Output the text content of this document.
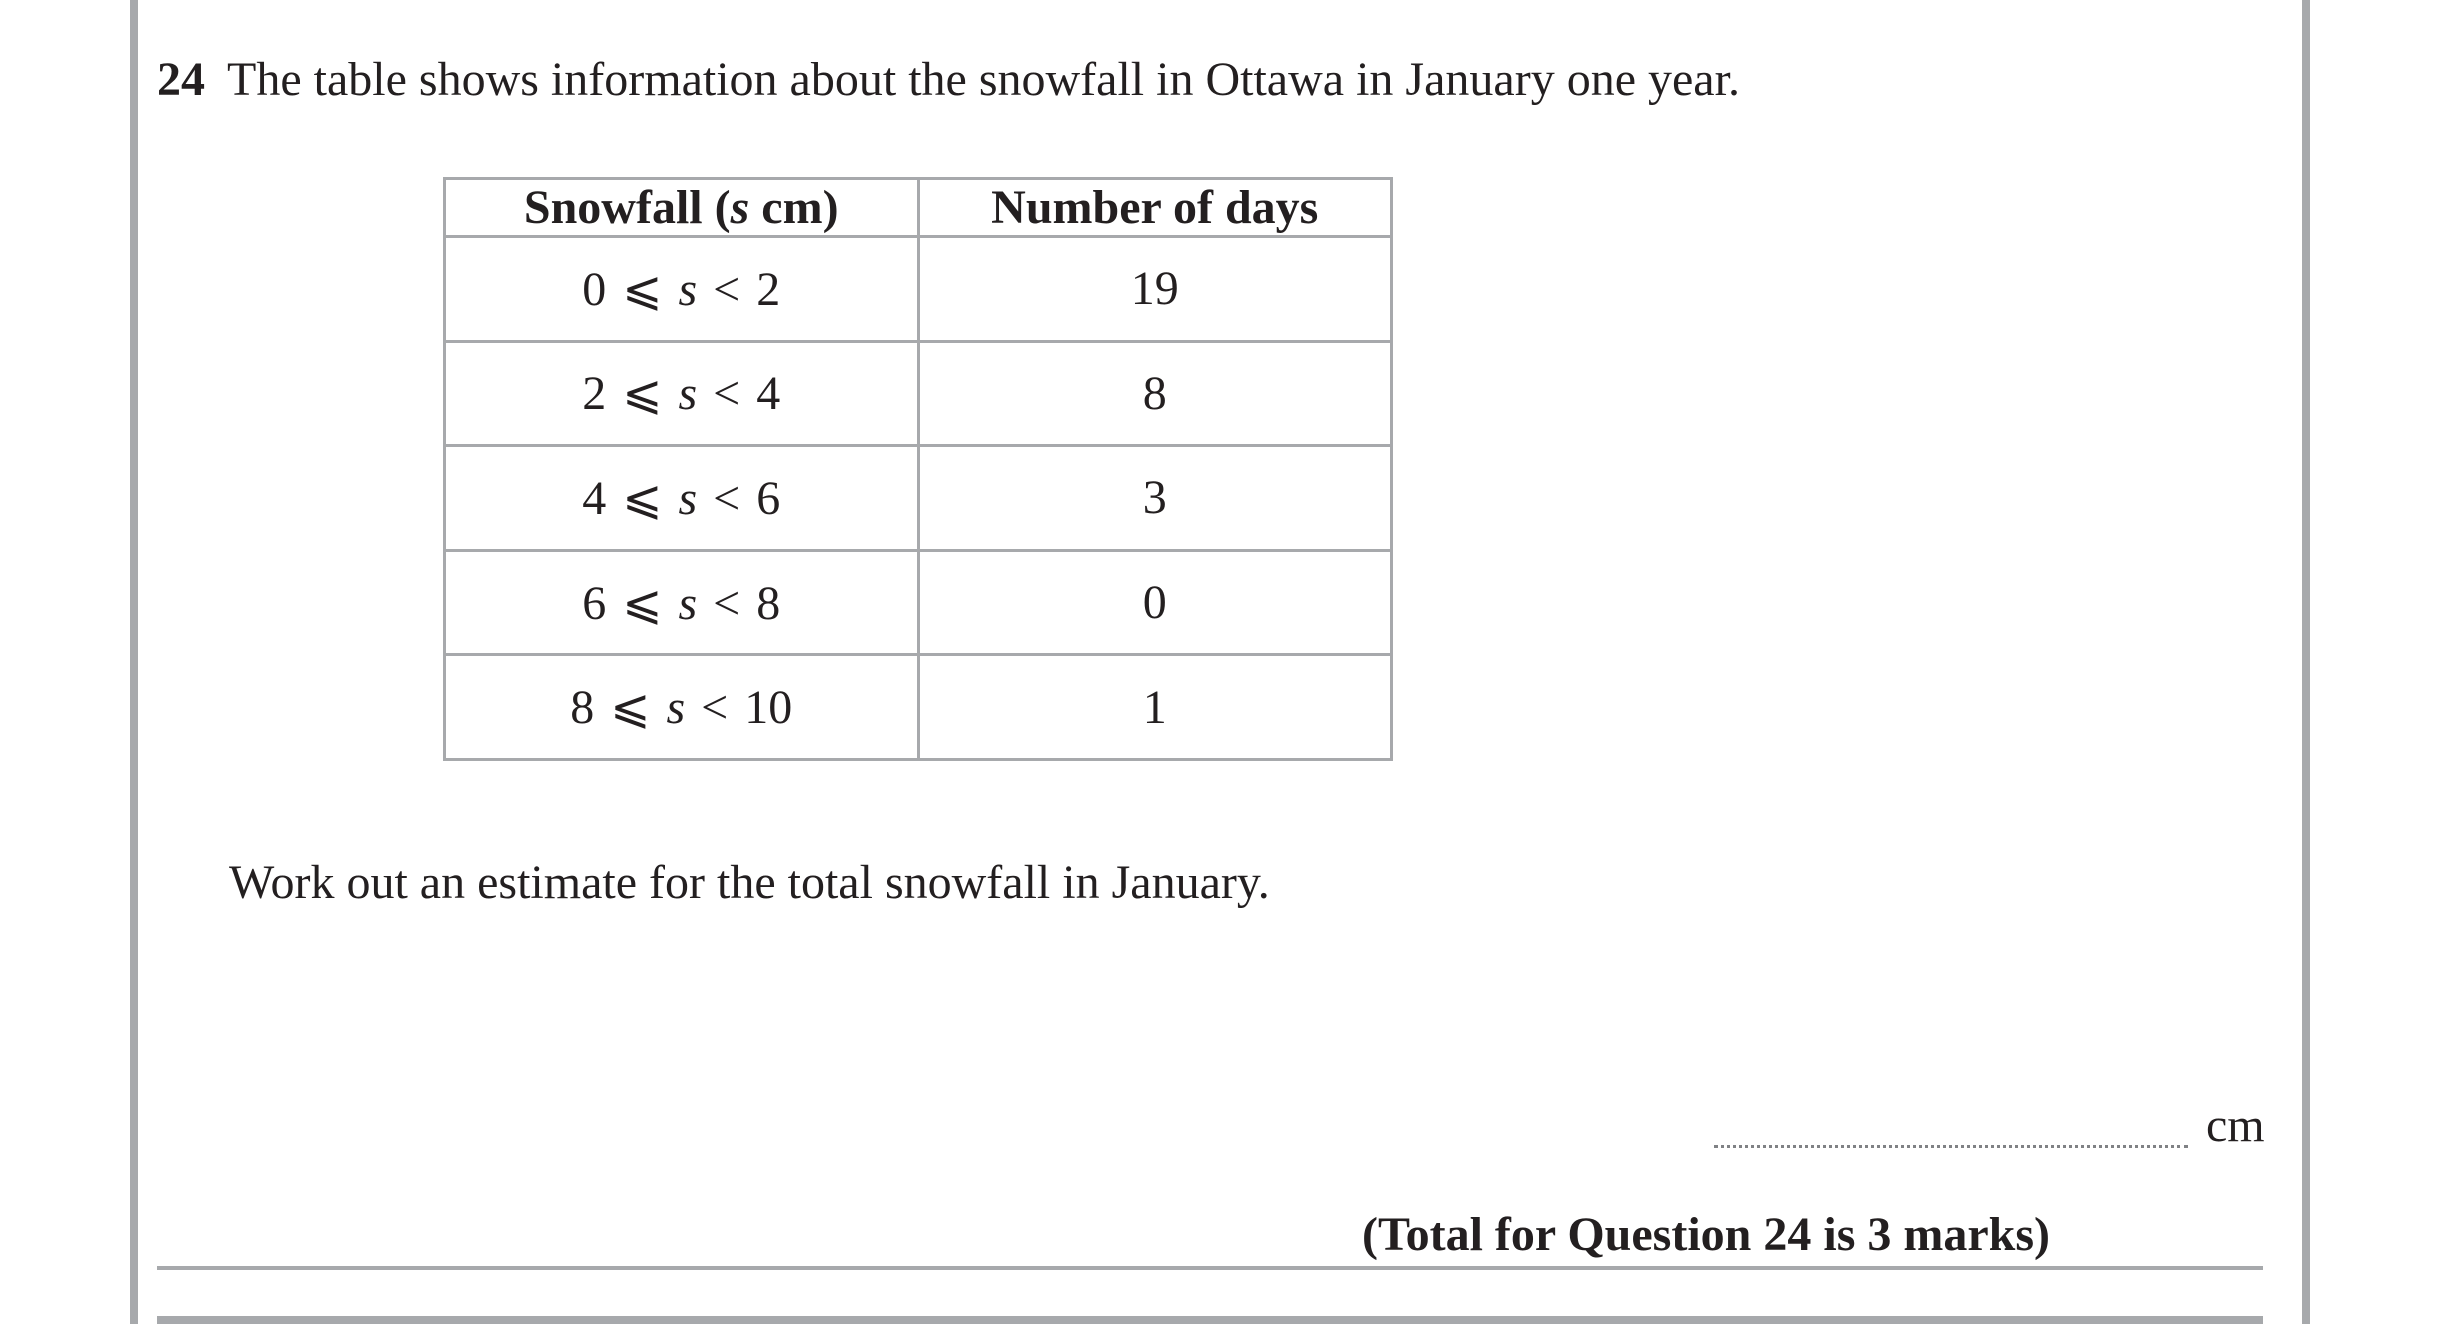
24 The table shows information about the snowfall in Ottawa in January one year.
Snowfall (s cm)	Number of days
0 ⩽ s < 2	19
2 ⩽ s < 4	8
4 ⩽ s < 6	3
6 ⩽ s < 8	0
8 ⩽ s < 10	1
Work out an estimate for the total snowfall in January.
cm
(Total for Question 24 is 3 marks)
